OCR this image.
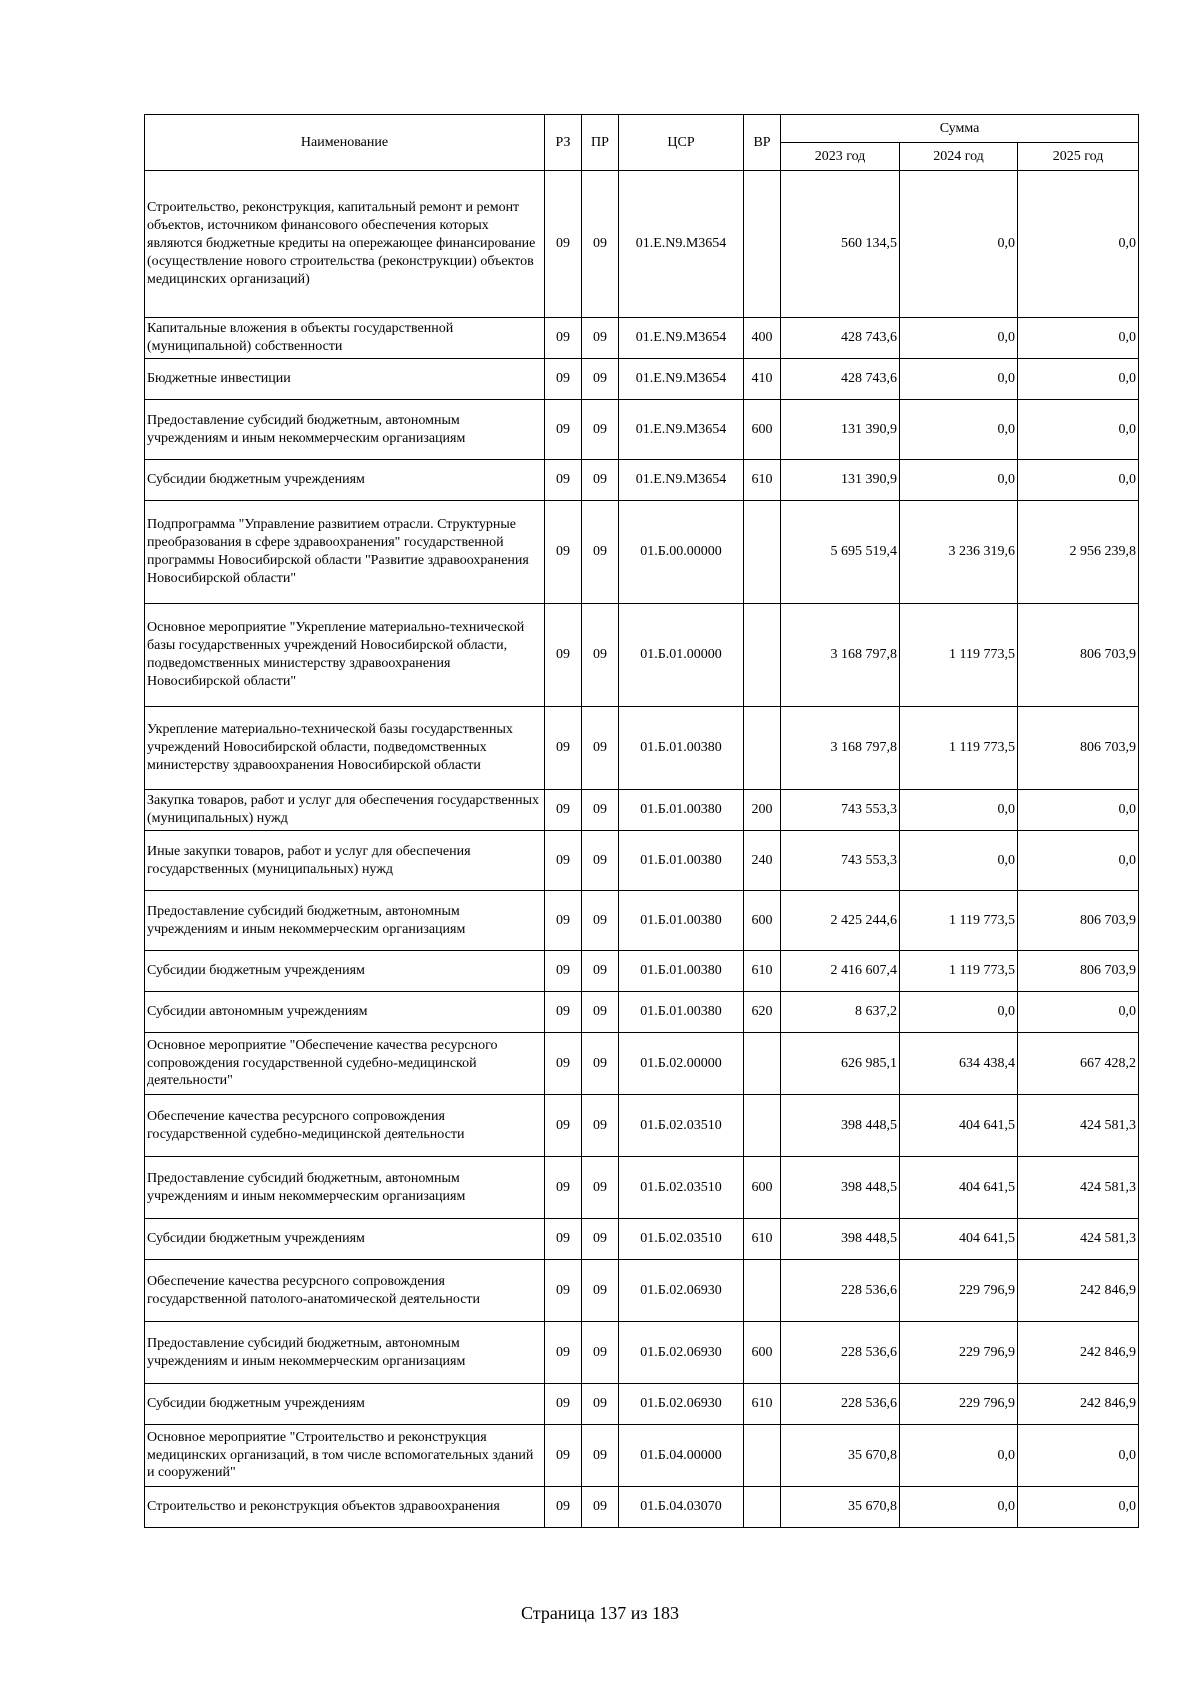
Наименование	РЗ	ПР	ЦСР	ВР	Сумма		
					2023 год	2024 год	2025 год
Строительство, реконструкция, капитальный ремонт и ремонт объектов, источником финансового обеспечения которых являются бюджетные кредиты на опережающее финансирование (осуществление нового строительства (реконструкции) объектов медицинских организаций)	09	09	01.Е.N9.М3654		560 134,5	0,0	0,0
Капитальные вложения в объекты государственной (муниципальной) собственности	09	09	01.Е.N9.М3654	400	428 743,6	0,0	0,0
Бюджетные инвестиции	09	09	01.Е.N9.М3654	410	428 743,6	0,0	0,0
Предоставление субсидий бюджетным, автономным учреждениям и иным некоммерческим организациям	09	09	01.Е.N9.М3654	600	131 390,9	0,0	0,0
Субсидии бюджетным учреждениям	09	09	01.Е.N9.М3654	610	131 390,9	0,0	0,0
Подпрограмма "Управление развитием отрасли. Структурные преобразования в сфере здравоохранения" государственной программы Новосибирской области "Развитие здравоохранения Новосибирской области"	09	09	01.Б.00.00000		5 695 519,4	3 236 319,6	2 956 239,8
Основное мероприятие "Укрепление материально-технической базы государственных учреждений Новосибирской области, подведомственных министерству здравоохранения Новосибирской области"	09	09	01.Б.01.00000		3 168 797,8	1 119 773,5	806 703,9
Укрепление материально-технической базы государственных учреждений Новосибирской области, подведомственных министерству здравоохранения Новосибирской области	09	09	01.Б.01.00380		3 168 797,8	1 119 773,5	806 703,9
Закупка товаров, работ и услуг для обеспечения государственных (муниципальных) нужд	09	09	01.Б.01.00380	200	743 553,3	0,0	0,0
Иные закупки товаров, работ и услуг для обеспечения государственных (муниципальных) нужд	09	09	01.Б.01.00380	240	743 553,3	0,0	0,0
Предоставление субсидий бюджетным, автономным учреждениям и иным некоммерческим организациям	09	09	01.Б.01.00380	600	2 425 244,6	1 119 773,5	806 703,9
Субсидии бюджетным учреждениям	09	09	01.Б.01.00380	610	2 416 607,4	1 119 773,5	806 703,9
Субсидии автономным учреждениям	09	09	01.Б.01.00380	620	8 637,2	0,0	0,0
Основное мероприятие "Обеспечение качества ресурсного сопровождения государственной судебно-медицинской деятельности"	09	09	01.Б.02.00000		626 985,1	634 438,4	667 428,2
Обеспечение качества ресурсного сопровождения государственной судебно-медицинской деятельности	09	09	01.Б.02.03510		398 448,5	404 641,5	424 581,3
Предоставление субсидий бюджетным, автономным учреждениям и иным некоммерческим организациям	09	09	01.Б.02.03510	600	398 448,5	404 641,5	424 581,3
Субсидии бюджетным учреждениям	09	09	01.Б.02.03510	610	398 448,5	404 641,5	424 581,3
Обеспечение качества ресурсного сопровождения государственной патолого-анатомической деятельности	09	09	01.Б.02.06930		228 536,6	229 796,9	242 846,9
Предоставление субсидий бюджетным, автономным учреждениям и иным некоммерческим организациям	09	09	01.Б.02.06930	600	228 536,6	229 796,9	242 846,9
Субсидии бюджетным учреждениям	09	09	01.Б.02.06930	610	228 536,6	229 796,9	242 846,9
Основное мероприятие "Строительство и реконструкция медицинских организаций, в том числе вспомогательных зданий и сооружений"	09	09	01.Б.04.00000		35 670,8	0,0	0,0
Строительство и реконструкция объектов здравоохранения	09	09	01.Б.04.03070		35 670,8	0,0	0,0
Страница 137 из 183
